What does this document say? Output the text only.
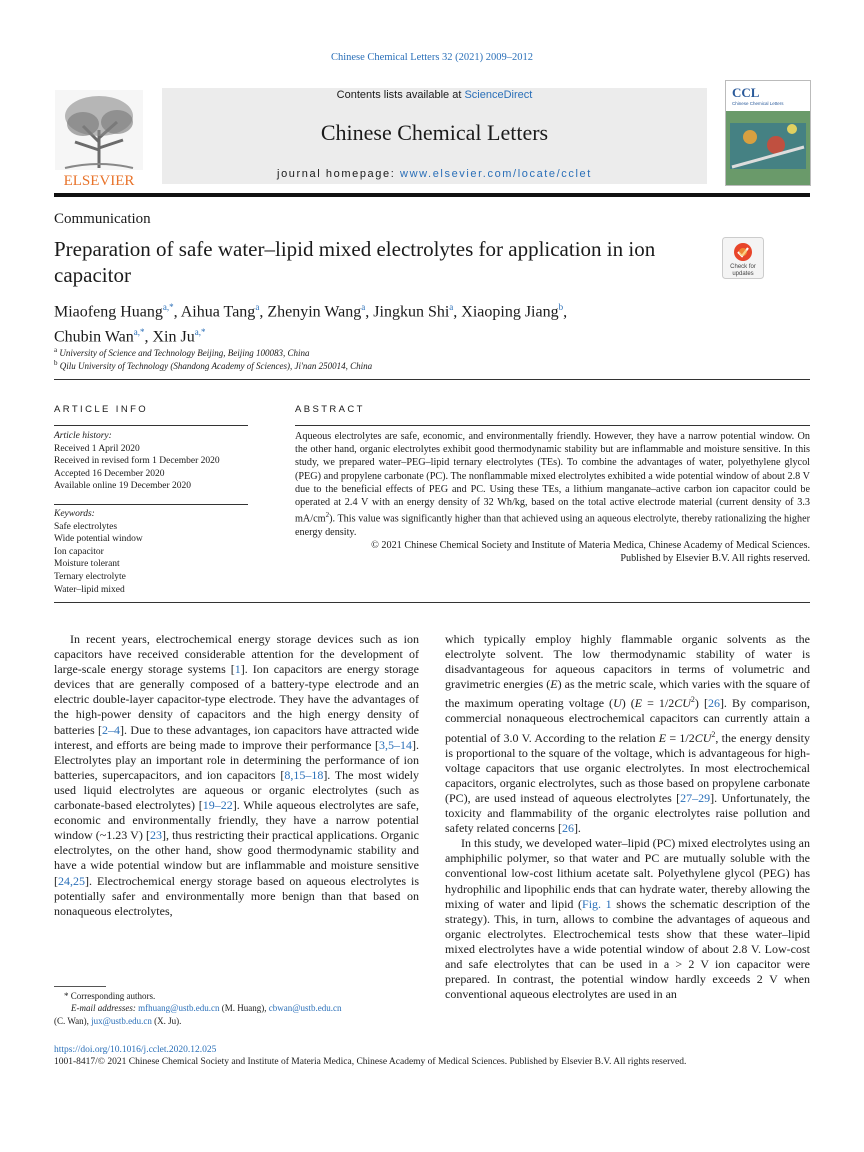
Chinese Chemical Letters 32 (2021) 2009–2012
ELSEVIER
Contents lists available at ScienceDirect
Chinese Chemical Letters
journal homepage: www.elsevier.com/locate/cclet
CCL
Chinese Chemical Letters
Communication
Preparation of safe water–lipid mixed electrolytes for application in ion capacitor	Check for
updates
Miaofeng Huang$^{a,*}$, Aihua Tang$^a$, Zhenyin Wang$^a$, Jingkun Shi$^a$, Xiaoping Jiang$^b$,
Chubin Wan$^{a,*}$, Xin $Ju^{a,*}$
$^a$ University of Science and Technology Beijing, Beijing 100083, China
$^b$ Qilu University of Technology (Shandong Academy of Sciences), Ji'nan 250014, China
ARTICLE INFO
Article history:
Received 1 April 2020
Received in revised form 1 December 2020
Accepted 16 December 2020
Available online 19 December 2020
Keywords:
Safe electrolytes
Wide potential window
Ion capacitor
Moisture tolerant
Ternary electrolyte
Water–lipid mixed
ABSTRACT

Aqueous electrolytes are safe, economic, and environmentally friendly. However, they have a narrow potential window. On the other hand, organic electrolytes exhibit good thermodynamic stability but are inflammable and moisture sensitive. In this study, we prepared water–PEG–lipid ternary electrolytes (TEs). To combine the advantages of water, polyethylene glycol (PEG) and propylene carbonate (PC). The nonflammable mixed electrolytes exhibited a wide potential window of about 2.8 V due to the beneficial effects of PEG and PC. Using these TEs, a lithium manganate–active carbon ion capacitor could be operated at 2.4 V with an energy density of 32 Wh/kg, based on the total active electrode material (current density of 3.3 $mA/cm^2$). This value was significantly higher than that achieved using an aqueous electrolyte, thereby rationalizing the higher energy density.

© 2021 Chinese Chemical Society and Institute of Materia Medica, Chinese Academy of Medical Sciences.

Published by Elsevier B.V. All rights reserved.

In recent years, electrochemical energy storage devices such as ion capacitors have received considerable attention for the development of large-scale energy storage systems [1]. Ion capacitors are energy storage devices that are generally composed of a battery-type electrode and an electric double-layer capacitor-type electrode. They have the advantages of the high-power density of capacitors and the high energy density of batteries [2–4]. Due to these advantages, ion capacitors have attracted wide interest, and efforts are being made to improve their performance [3,5–14]. Electrolytes play an important role in determining the performance of ion batteries, supercapacitors, and ion capacitors [8,15–18]. The most widely used liquid electrolytes are aqueous or organic electrolytes (such as carbonate-based electrolytes) [19–22]. While aqueous electrolytes are safe, economic and environmentally friendly, they have a narrow potential window (~1.23 V) [23], thus restricting their practical applications. Organic electrolytes, on the other hand, show good thermodynamic stability and have a wide potential window but are inflammable and moisture sensitive [24,25]. Electrochemical energy storage based on aqueous electrolytes is potentially safer and environmentally more benign than that based on nonaqueous electrolytes,

which typically employ highly flammable organic solvents as the electrolyte solvent. The low thermodynamic stability of water is disadvantageous for aqueous capacitors in terms of volumetric and gravimetric energies (E) as the metric scale, which varies with the square of the maximum operating voltage (U) $(E = 1/2CU^2)$ [26]. By comparison, commercial nonaqueous electrochemical capacitors can currently attain a potential of 3.0 V. According to the relation $E = 1/2CU^2$, the energy density is proportional to the square of the voltage, which is advantageous for high-voltage capacitors that use organic electrolytes. In most electrochemical capacitors, organic electrolytes, such as those based on propylene carbonate (PC), are used instead of aqueous electrolytes [27–29]. Unfortunately, the toxicity and flammability of the organic electrolytes raise pollution and safety related concerns [26].

In this study, we developed water–lipid (PC) mixed electrolytes using an amphiphilic polymer, so that water and PC are mutually soluble with the conventional low-cost lithium acetate salt. Polyethylene glycol (PEG) has hydrophilic and lipophilic ends that can hydrate water, thereby allowing the mixing of water and lipid (Fig. 1 shows the schematic description of the strategy). This, in turn, allows to combine the advantages of aqueous and organic electrolytes. Electrochemical tests show that these water–lipid mixed electrolytes have a wide potential window of about 2.8 V. Low-cost and safe electrolytes that can be used in a > 2 V ion capacitor were prepared. In contrast, the potential window hardly exceeds 2 V when conventional aqueous electrolytes are used in an

* Corresponding authors.
E-mail addresses: mfhuang@ustb.edu.cn (M. Huang), cbwan@ustb.edu.cn
(C. Wan), jux@ustb.edu.cn (X. Ju).
https://doi.org/10.1016/j.cclet.2020.12.025
1001-8417/© 2021 Chinese Chemical Society and Institute of Materia Medica, Chinese Academy of Medical Sciences. Published by Elsevier B.V. All rights reserved.
